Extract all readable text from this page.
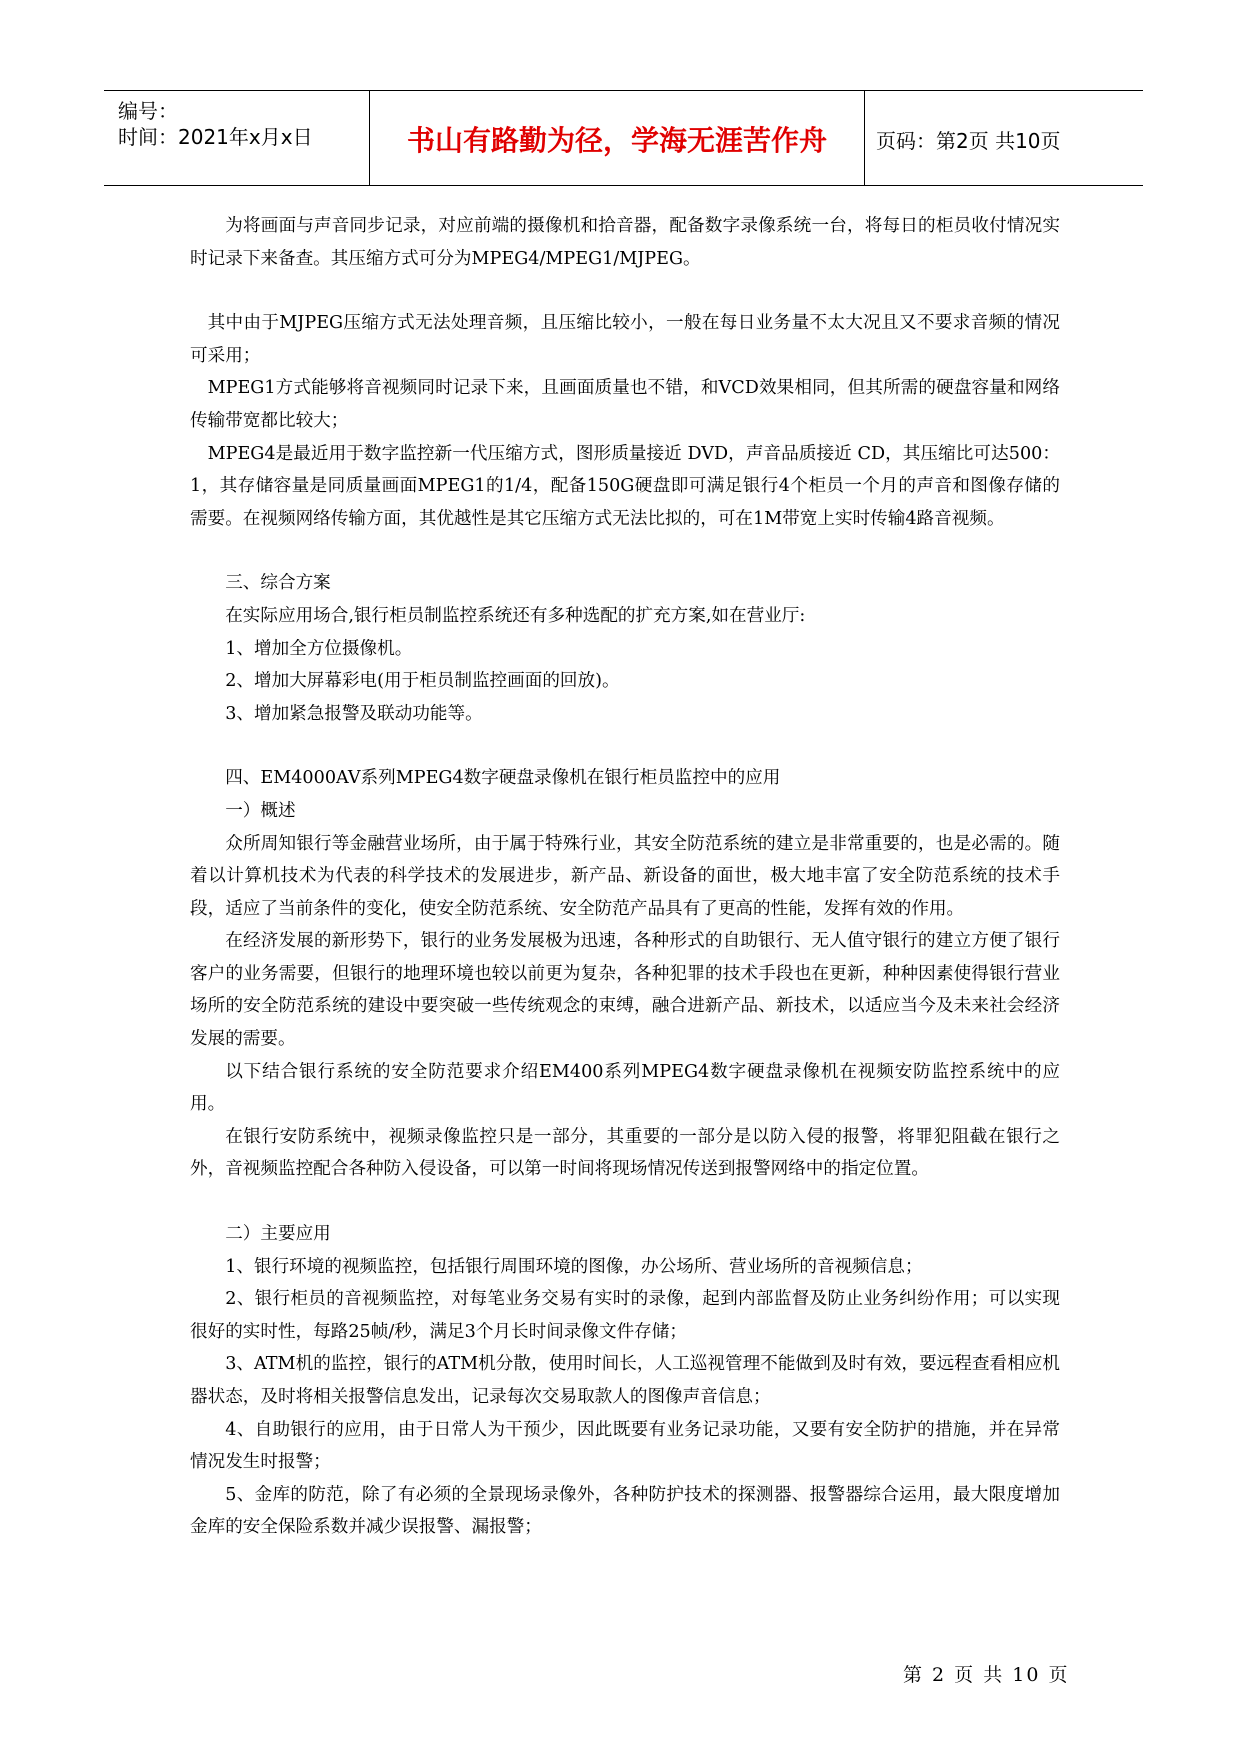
编号：
时间：2021年x月x日	书山有路勤为径，学海无涯苦作舟	页码：第2页 共10页

为将画面与声音同步记录，对应前端的摄像机和拾音器，配备数字录像系统一台，将每日的柜员收付情况实时记录下来备查。其压缩方式可分为MPEG4/MPEG1/MJPEG。

其中由于MJPEG压缩方式无法处理音频，且压缩比较小，一般在每日业务量不太大况且又不要求音频的情况可采用；

MPEG1方式能够将音视频同时记录下来，且画面质量也不错，和VCD效果相同，但其所需的硬盘容量和网络传输带宽都比较大；

MPEG4是最近用于数字监控新一代压缩方式，图形质量接近 DVD，声音品质接近 CD，其压缩比可达500：1，其存储容量是同质量画面MPEG1的1/4，配备150G硬盘即可满足银行4个柜员一个月的声音和图像存储的需要。在视频网络传输方面，其优越性是其它压缩方式无法比拟的，可在1M带宽上实时传输4路音视频。

三、综合方案

在实际应用场合,银行柜员制监控系统还有多种选配的扩充方案,如在营业厅:

1、增加全方位摄像机。

2、增加大屏幕彩电(用于柜员制监控画面的回放)。

3、增加紧急报警及联动功能等。

四、EM4000AV系列MPEG4数字硬盘录像机在银行柜员监控中的应用

一）概述

众所周知银行等金融营业场所，由于属于特殊行业，其安全防范系统的建立是非常重要的，也是必需的。随着以计算机技术为代表的科学技术的发展进步，新产品、新设备的面世，极大地丰富了安全防范系统的技术手段，适应了当前条件的变化，使安全防范系统、安全防范产品具有了更高的性能，发挥有效的作用。

在经济发展的新形势下，银行的业务发展极为迅速，各种形式的自助银行、无人值守银行的建立方便了银行客户的业务需要，但银行的地理环境也较以前更为复杂，各种犯罪的技术手段也在更新，种种因素使得银行营业场所的安全防范系统的建设中要突破一些传统观念的束缚，融合进新产品、新技术，以适应当今及未来社会经济发展的需要。

以下结合银行系统的安全防范要求介绍EM400系列MPEG4数字硬盘录像机在视频安防监控系统中的应用。

在银行安防系统中，视频录像监控只是一部分，其重要的一部分是以防入侵的报警，将罪犯阻截在银行之外，音视频监控配合各种防入侵设备，可以第一时间将现场情况传送到报警网络中的指定位置。

二）主要应用

1、银行环境的视频监控，包括银行周围环境的图像，办公场所、营业场所的音视频信息；

2、银行柜员的音视频监控，对每笔业务交易有实时的录像，起到内部监督及防止业务纠纷作用；可以实现很好的实时性，每路25帧/秒，满足3个月长时间录像文件存储；

3、ATM机的监控，银行的ATM机分散，使用时间长，人工巡视管理不能做到及时有效，要远程查看相应机器状态，及时将相关报警信息发出，记录每次交易取款人的图像声音信息；

4、自助银行的应用，由于日常人为干预少，因此既要有业务记录功能，又要有安全防护的措施，并在异常情况发生时报警；

5、金库的防范，除了有必须的全景现场录像外，各种防护技术的探测器、报警器综合运用，最大限度增加金库的安全保险系数并减少误报警、漏报警；

第 2 页 共 10 页
